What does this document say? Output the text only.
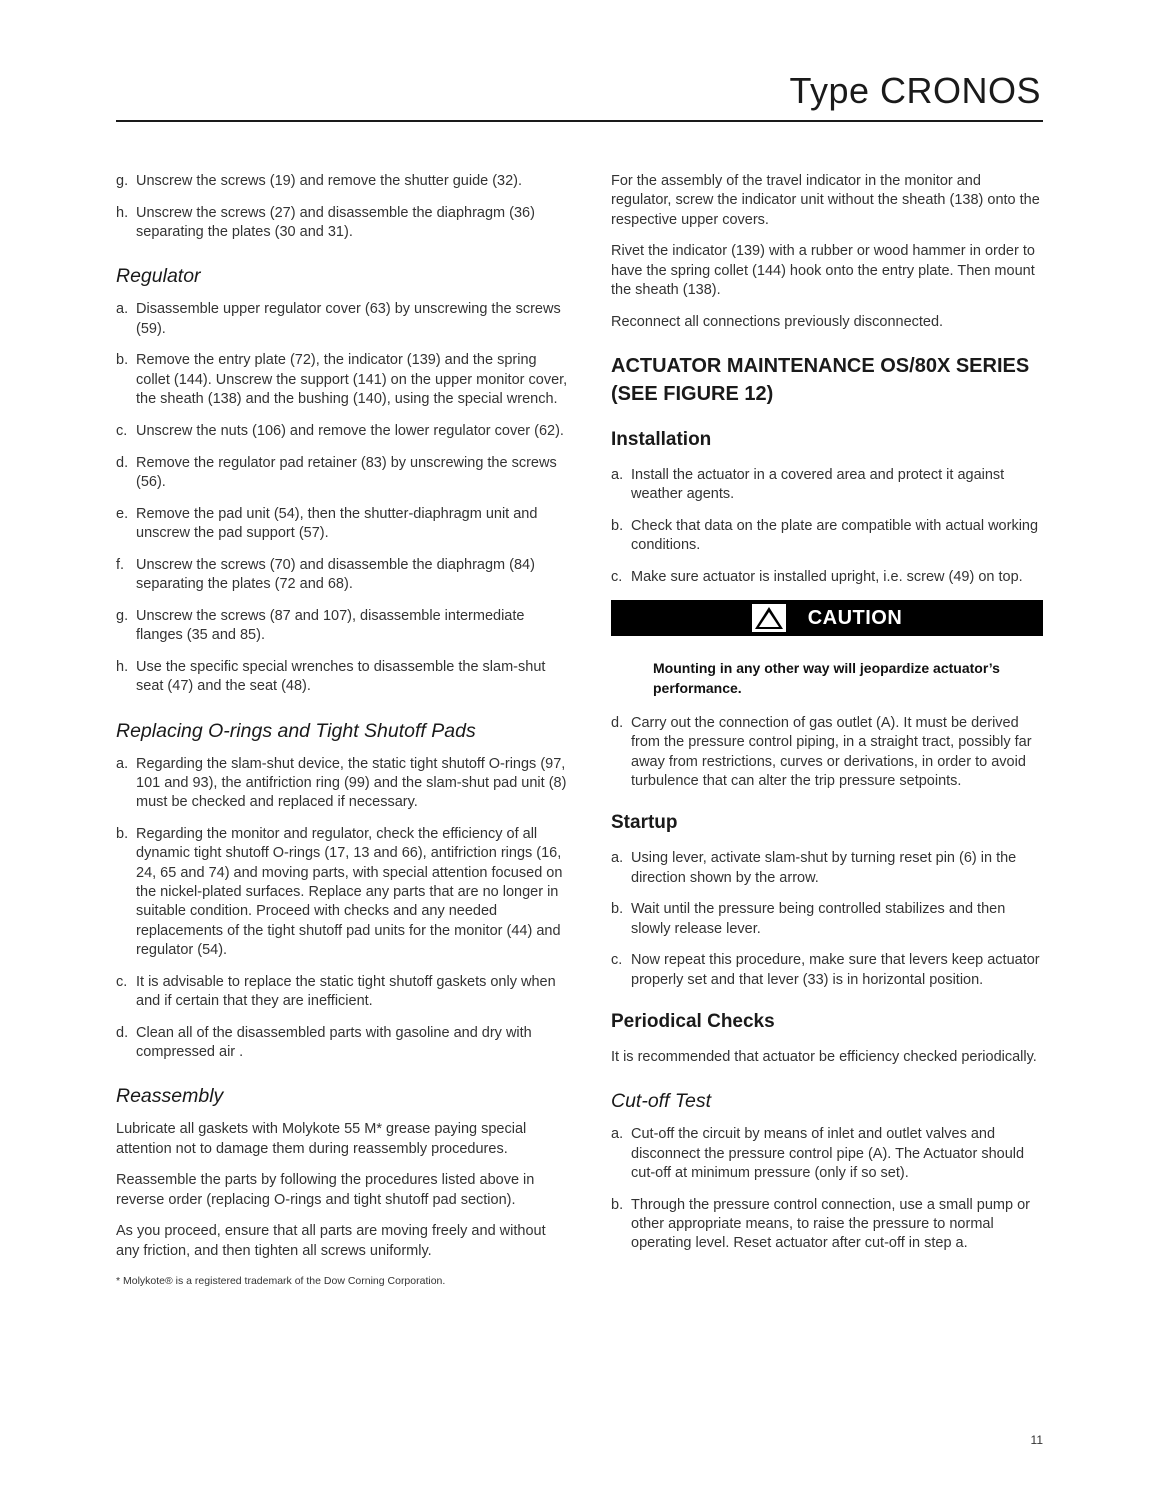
Type CRONOS
g. Unscrew the screws (19) and remove the shutter guide (32).
h. Unscrew the screws (27) and disassemble the diaphragm (36) separating the plates (30 and 31).
Regulator
a. Disassemble upper regulator cover (63) by unscrewing the screws (59).
b. Remove the entry plate (72), the indicator (139) and the spring collet (144). Unscrew the support (141) on the upper monitor cover, the sheath (138) and the bushing (140), using the special wrench.
c. Unscrew the nuts (106) and remove the lower regulator cover (62).
d. Remove the regulator pad retainer (83) by unscrewing the screws (56).
e. Remove the pad unit (54), then the shutter-diaphragm unit and unscrew the pad support (57).
f. Unscrew the screws (70) and disassemble the diaphragm (84) separating the plates (72 and 68).
g. Unscrew the screws (87 and 107), disassemble intermediate flanges (35 and 85).
h. Use the specific special wrenches to disassemble the slam-shut seat (47) and the seat (48).
Replacing O-rings and Tight Shutoff Pads
a. Regarding the slam-shut device, the static tight shutoff O-rings (97, 101 and 93), the antifriction ring (99) and the slam-shut pad unit (8) must be checked and replaced if necessary.
b. Regarding the monitor and regulator, check the efficiency of all dynamic tight shutoff O-rings (17, 13 and 66), antifriction rings (16, 24, 65 and 74) and moving parts, with special attention focused on the nickel-plated surfaces. Replace any parts that are no longer in suitable condition. Proceed with checks and any needed replacements of the tight shutoff pad units for the monitor (44) and regulator (54).
c. It is advisable to replace the static tight shutoff gaskets only when and if certain that they are inefficient.
d. Clean all of the disassembled parts with gasoline and dry with compressed air .
Reassembly
Lubricate all gaskets with Molykote 55 M* grease paying special attention not to damage them during reassembly procedures.
Reassemble the parts by following the procedures listed above in reverse order (replacing O-rings and tight shutoff pad section).
As you proceed, ensure that all parts are moving freely and without any friction, and then tighten all screws uniformly.
* Molykote® is a registered trademark of the Dow Corning Corporation.
For the assembly of the travel indicator in the monitor and regulator, screw the indicator unit without the sheath (138) onto the respective upper covers.
Rivet the indicator (139) with a rubber or wood hammer in order to have the spring collet (144) hook onto the entry plate. Then mount the sheath (138).
Reconnect all connections previously disconnected.
ACTUATOR MAINTENANCE OS/80X SERIES (SEE FIGURE 12)
Installation
a. Install the actuator in a covered area and protect it against weather agents.
b. Check that data on the plate are compatible with actual working conditions.
c. Make sure actuator is installed upright, i.e. screw (49) on top.
CAUTION
Mounting in any other way will jeopardize actuator’s performance.
d. Carry out the connection of gas outlet (A). It must be derived from the pressure control piping, in a straight tract, possibly far away from restrictions, curves or derivations, in order to avoid turbulence that can alter the trip pressure setpoints.
Startup
a. Using lever, activate slam-shut by turning reset pin (6) in the direction shown by the arrow.
b. Wait until the pressure being controlled stabilizes and then slowly release lever.
c. Now repeat this procedure, make sure that levers keep actuator properly set and that lever (33) is in horizontal position.
Periodical Checks
It is recommended that actuator be efficiency checked periodically.
Cut-off Test
a. Cut-off the circuit by means of inlet and outlet valves and disconnect the pressure control pipe (A). The Actuator should cut-off at minimum pressure (only if so set).
b. Through the pressure control connection, use a small pump or other appropriate means, to raise the pressure to normal operating level. Reset actuator after cut-off in step a.
11
